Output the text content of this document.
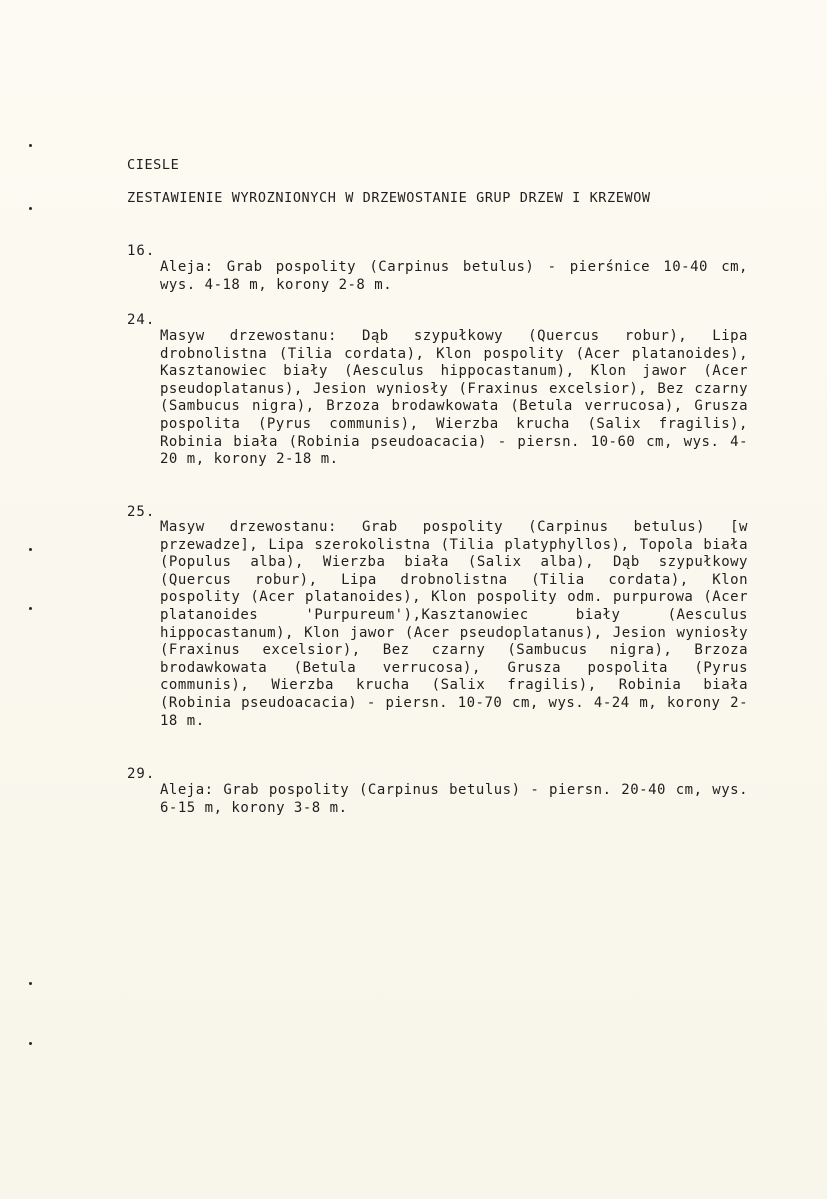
CIESLE
ZESTAWIENIE WYROZNIONYCH W DRZEWOSTANIE GRUP DRZEW I KRZEWOW
16.

Aleja: Grab pospolity (Carpinus betulus) - pierśnice 10-40 cm, wys. 4-18 m, korony 2-8 m.

24.

Masyw drzewostanu: Dąb szypułkowy (Quercus robur), Lipa drobnolistna (Tilia cordata), Klon pospolity (Acer platanoides), Kasztanowiec biały (Aesculus hippocastanum), Klon jawor (Acer pseudoplatanus), Jesion wyniosły (Fraxinus excelsior), Bez czarny (Sambucus nigra), Brzoza brodawkowata (Betula verrucosa), Grusza pospolita (Pyrus communis), Wierzba krucha (Salix fragilis), Robinia biała (Robinia pseudoacacia) - piersn. 10-60 cm, wys. 4-20 m, korony 2-18 m.

25.

Masyw drzewostanu: Grab pospolity (Carpinus betulus) [w przewadze], Lipa szerokolistna (Tilia platyphyllos), Topola biała (Populus alba), Wierzba biała (Salix alba), Dąb szypułkowy (Quercus robur), Lipa drobnolistna (Tilia cordata), Klon pospolity (Acer platanoides), Klon pospolity odm. purpurowa (Acer platanoides 'Purpureum'),Kasztanowiec biały (Aesculus hippocastanum), Klon jawor (Acer pseudoplatanus), Jesion wyniosły (Fraxinus excelsior), Bez czarny (Sambucus nigra), Brzoza brodawkowata (Betula verrucosa), Grusza pospolita (Pyrus communis), Wierzba krucha (Salix fragilis), Robinia biała (Robinia pseudoacacia) - piersn. 10-70 cm, wys. 4-24 m, korony 2-18 m.

29.

Aleja: Grab pospolity (Carpinus betulus) - piersn. 20-40 cm, wys. 6-15 m, korony 3-8 m.
